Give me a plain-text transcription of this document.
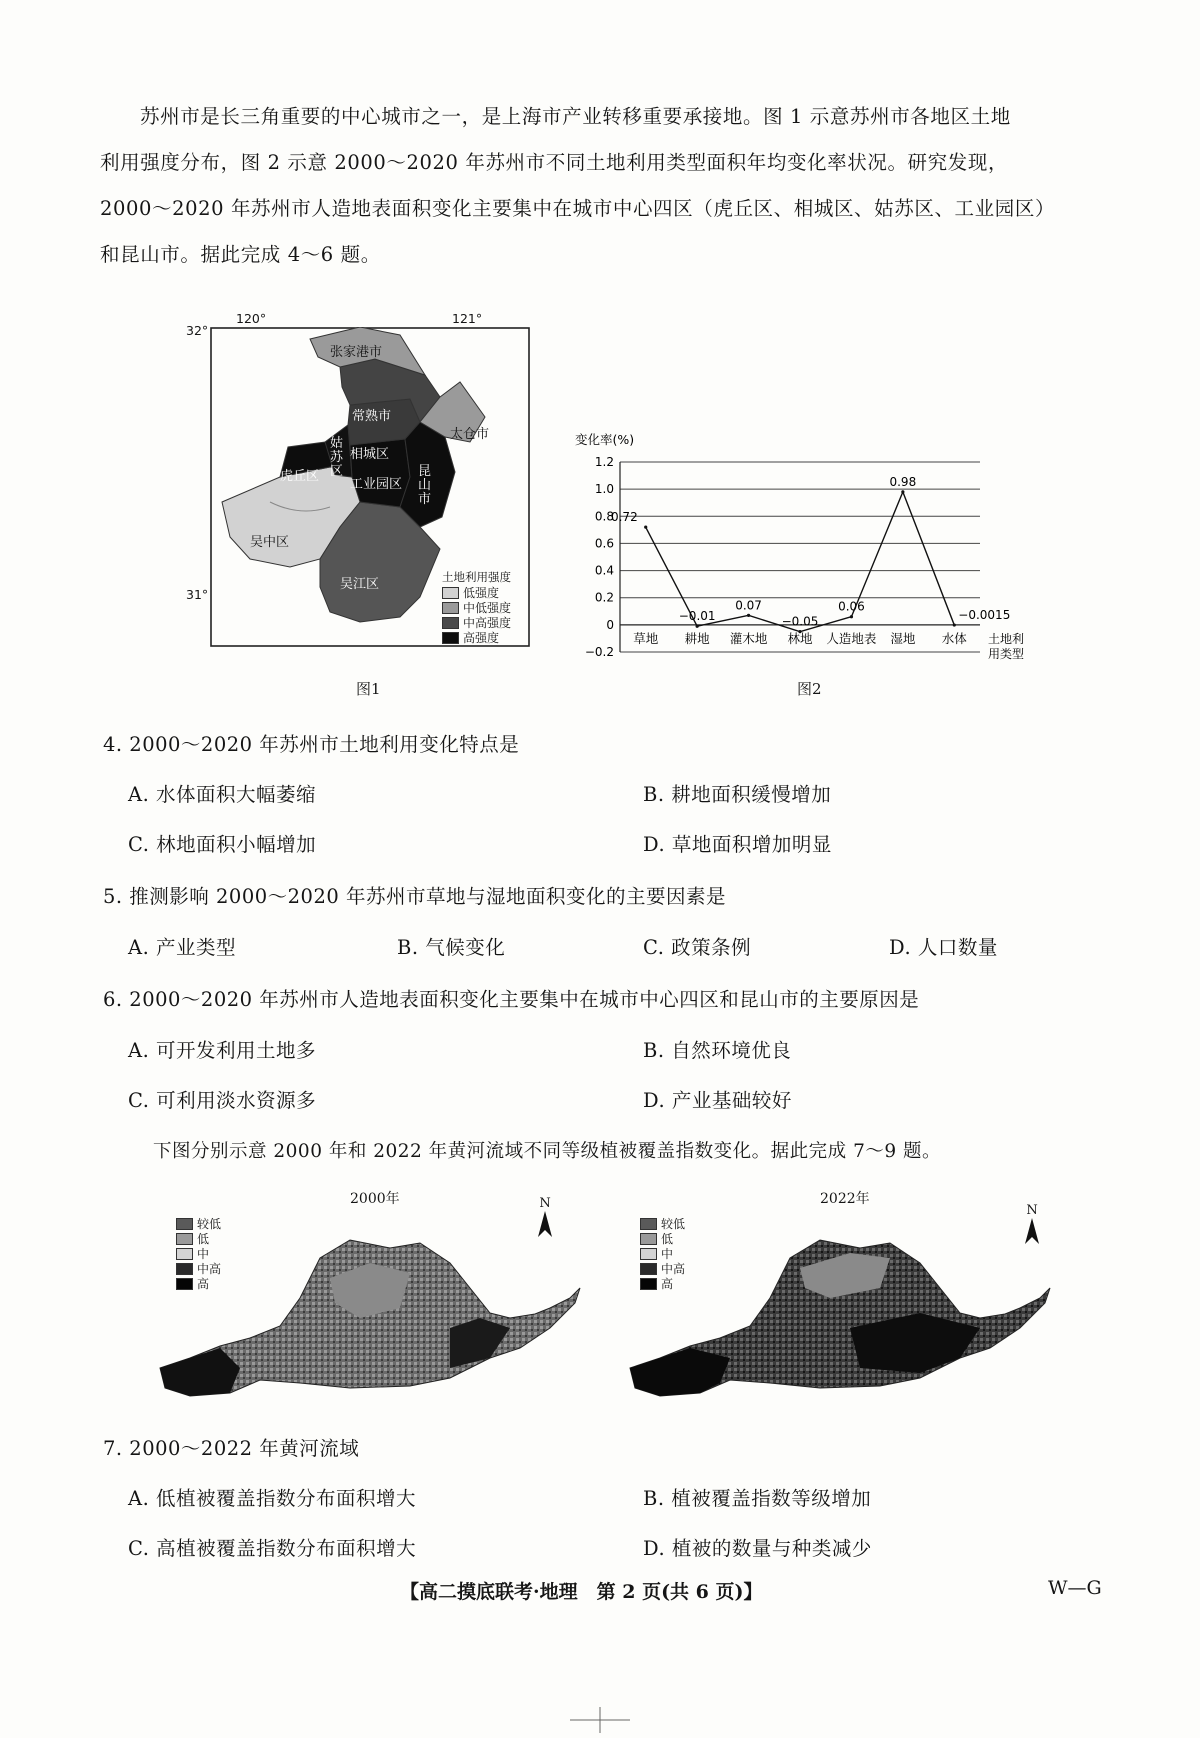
苏州市是长三角重要的中心城市之一，是上海市产业转移重要承接地。图 1 示意苏州市各地区土地
利用强度分布，图 2 示意 2000～2020 年苏州市不同土地利用类型面积年均变化率状况。研究发现，
2000～2020 年苏州市人造地表面积变化主要集中在城市中心四区（虎丘区、相城区、姑苏区、工业园区）
和昆山市。据此完成 4～6 题。
120°	121°
32°
31°
张家港市
常熟市
太仓市
相城区
姑苏区
虎丘区
工业园区
昆山市
吴中区
吴江区	土地利用强度
低强度
中低强度
中高强度
高强度
图1
变化率(%)
1.2
1.0
0.8
0.6
0.4
0.2
0
−0.2
0.72
草地
−0.01
耕地
0.07
灌木地
−0.05
林地
0.06
人造地表
0.98
湿地
−0.0015
水体 土地利
用类型
图2
4. 2000～2020 年苏州市土地利用变化特点是
A. 水体面积大幅萎缩	B. 耕地面积缓慢增加
C. 林地面积小幅增加	D. 草地面积增加明显
5. 推测影响 2000～2020 年苏州市草地与湿地面积变化的主要因素是
A. 产业类型	B. 气候变化	C. 政策条例	D. 人口数量
6. 2000～2020 年苏州市人造地表面积变化主要集中在城市中心四区和昆山市的主要原因是
A. 可开发利用土地多	B. 自然环境优良
C. 可利用淡水资源多	D. 产业基础较好
下图分别示意 2000 年和 2022 年黄河流域不同等级植被覆盖指数变化。据此完成 7～9 题。
2000年	N
较低
低
中
中高
高
2022年
N
较低
低
中
中高
高
7. 2000～2022 年黄河流域
A. 低植被覆盖指数分布面积增大	B. 植被覆盖指数等级增加
C. 高植被覆盖指数分布面积增大	D. 植被的数量与种类减少
【高二摸底联考·地理　第 2 页(共 6 页)】	W—G
